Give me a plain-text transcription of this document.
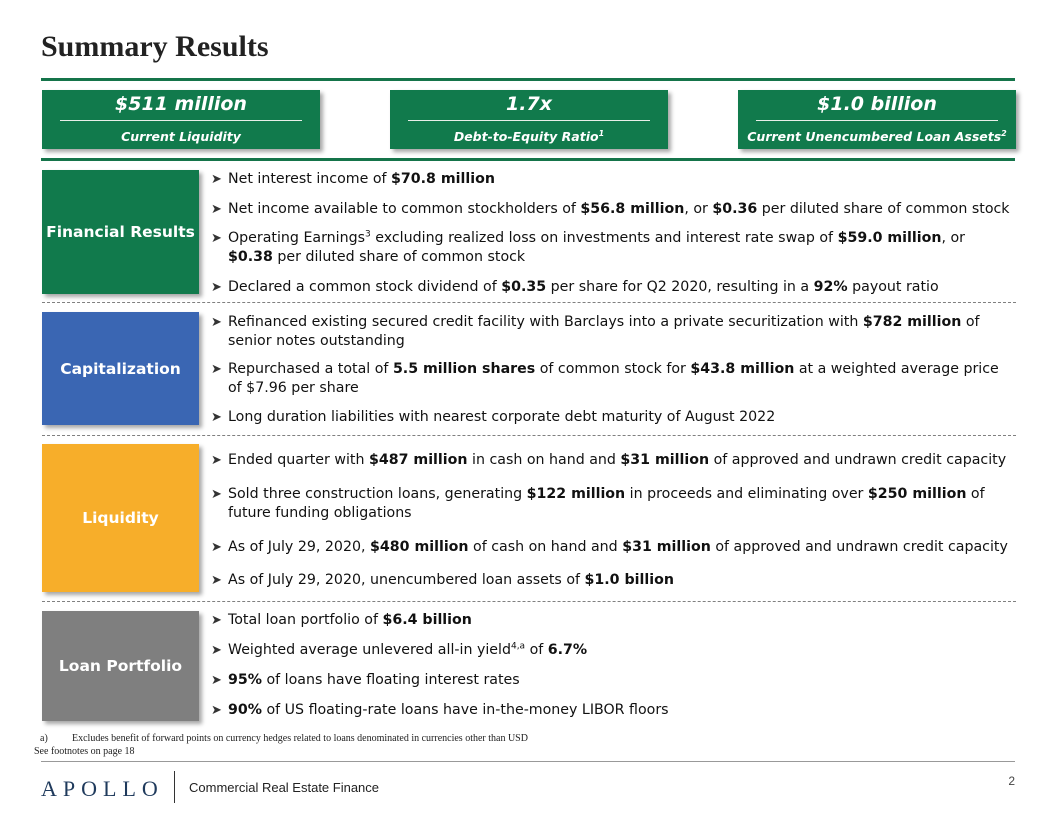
Summary Results
$511 million
Current Liquidity
1.7x
Debt-to-Equity Ratio$^1$
$1.0 billion
Current Unencumbered Loan Assets$^2$
Financial Results
Capitalization
Liquidity
Loan Portfolio
➤ Net interest income of $70.8 million
➤ Net income available to common stockholders of $56.8 million, or $0.36 per diluted share of common stock
➤ Operating Earnings$^3$ excluding realized loss on investments and interest rate swap of $59.0 million, or $0.38 per diluted share of common stock
➤ Declared a common stock dividend of $0.35 per share for Q2 2020, resulting in a 92% payout ratio
➤ Refinanced existing secured credit facility with Barclays into a private securitization with $782 million of senior notes outstanding
➤ Repurchased a total of 5.5 million shares of common stock for $43.8 million at a weighted average price of $7.96 per share
➤ Long duration liabilities with nearest corporate debt maturity of August 2022
➤ Ended quarter with $487 million in cash on hand and $31 million of approved and undrawn credit capacity
➤ Sold three construction loans, generating $122 million in proceeds and eliminating over $250 million of future funding obligations
➤ As of July 29, 2020, $480 million of cash on hand and $31 million of approved and undrawn credit capacity
➤ As of July 29, 2020, unencumbered loan assets of $1.0 billion
➤ Total loan portfolio of $6.4 billion
➤ Weighted average unlevered all-in yield$^{4,a}$ of 6.7%
➤ 95% of loans have floating interest rates
➤ 90% of US floating-rate loans have in-the-money LIBOR floors
a) Excludes benefit of forward points on currency hedges related to loans denominated in currencies other than USD
See footnotes on page 18
APOLLO Commercial Real Estate Finance	2
